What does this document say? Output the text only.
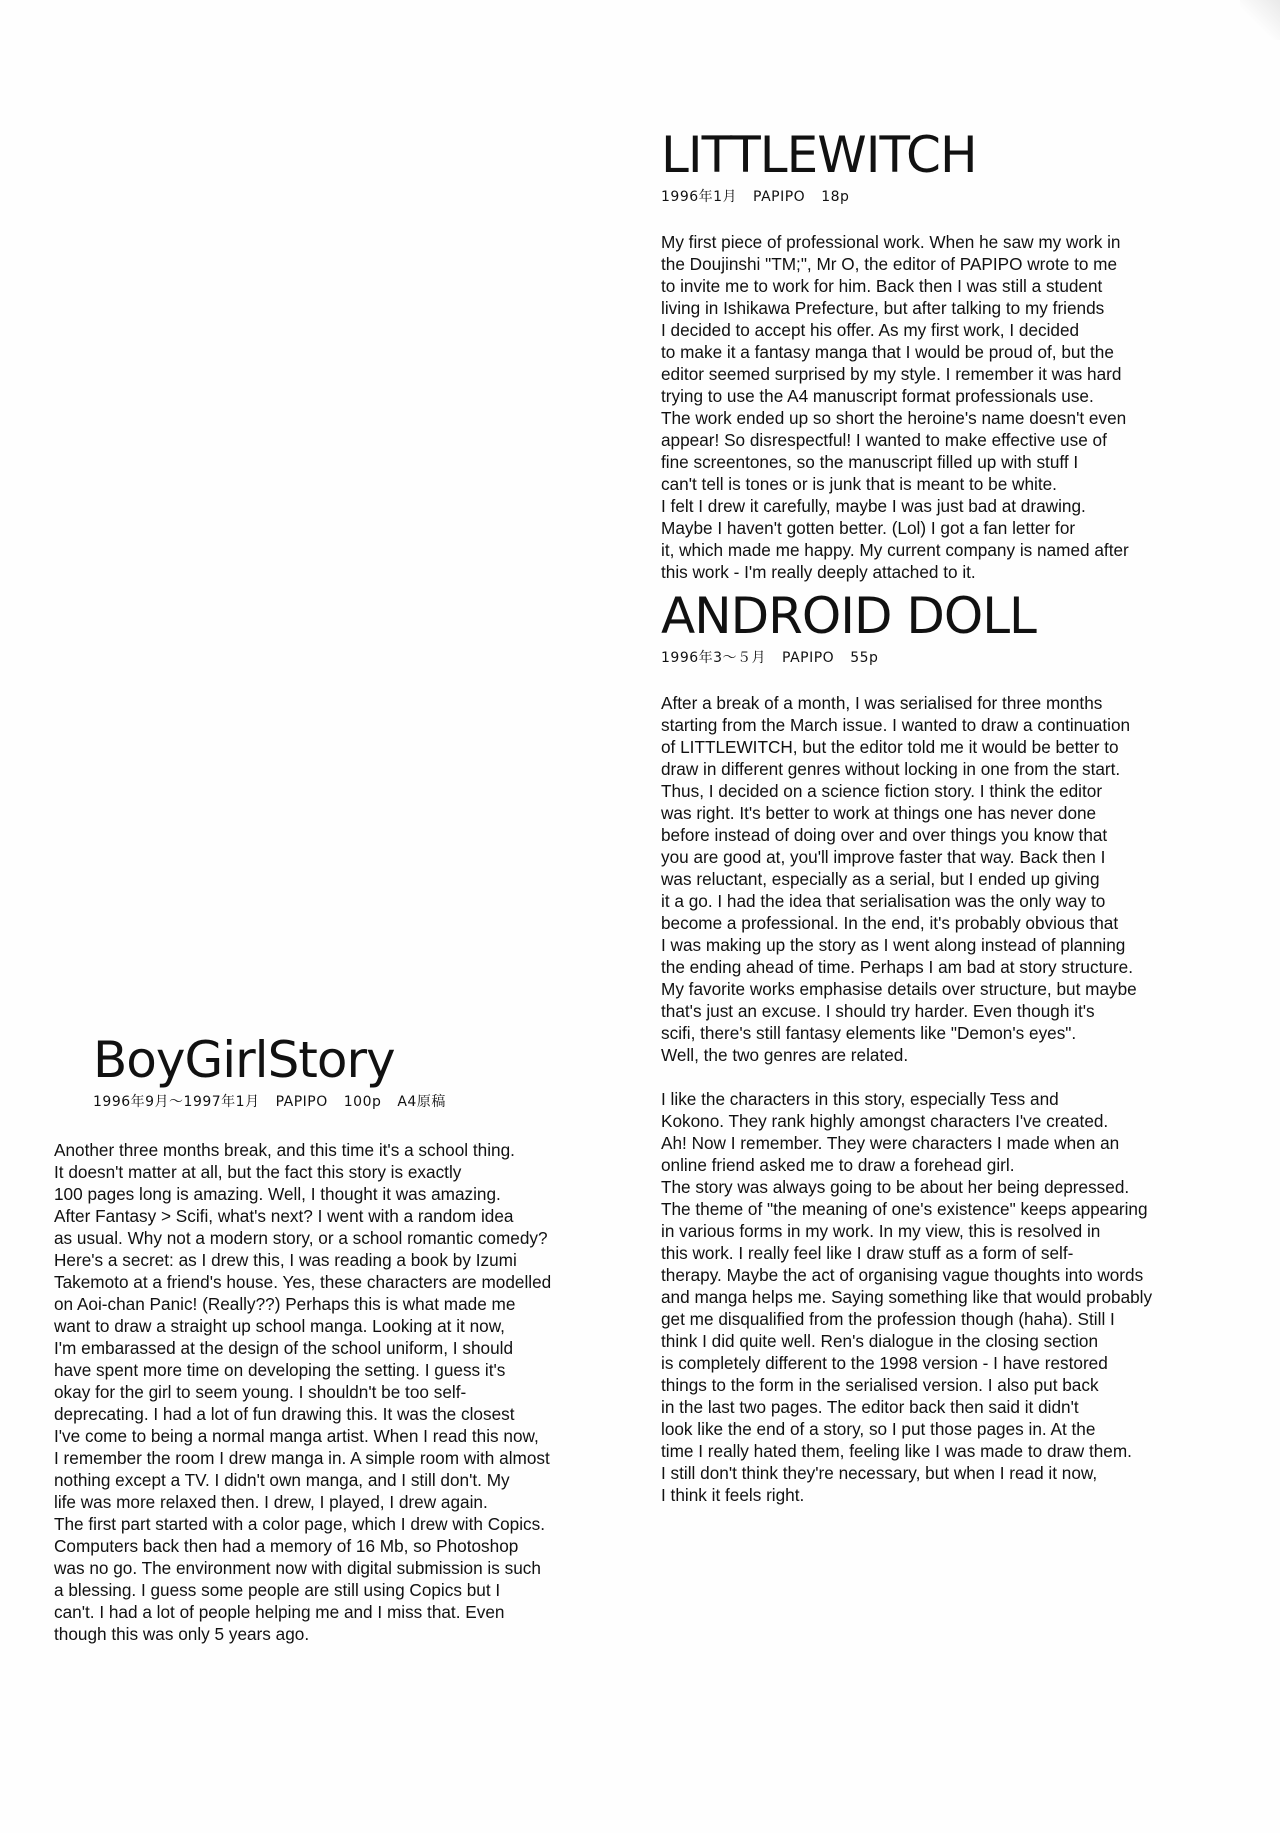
LITTLEWITCH
1996年1月 PAPIPO 18p

My first piece of professional work. When he saw my work in

the Doujinshi "TM;", Mr O, the editor of PAPIPO wrote to me

to invite me to work for him. Back then I was still a student

living in Ishikawa Prefecture, but after talking to my friends

I decided to accept his offer. As my first work, I decided

to make it a fantasy manga that I would be proud of, but the

editor seemed surprised by my style. I remember it was hard

trying to use the A4 manuscript format professionals use.

The work ended up so short the heroine's name doesn't even

appear! So disrespectful! I wanted to make effective use of

fine screentones, so the manuscript filled up with stuff I

can't tell is tones or is junk that is meant to be white.

I felt I drew it carefully, maybe I was just bad at drawing.

Maybe I haven't gotten better. (Lol) I got a fan letter for

it, which made me happy. My current company is named after

this work - I'm really deeply attached to it.

ANDROID DOLL
1996年3～５月 PAPIPO 55p

After a break of a month, I was serialised for three months

starting from the March issue. I wanted to draw a continuation

of LITTLEWITCH, but the editor told me it would be better to

draw in different genres without locking in one from the start.

Thus, I decided on a science fiction story. I think the editor

was right. It's better to work at things one has never done

before instead of doing over and over things you know that

you are good at, you'll improve faster that way. Back then I

was reluctant, especially as a serial, but I ended up giving

it a go. I had the idea that serialisation was the only way to

become a professional. In the end, it's probably obvious that

I was making up the story as I went along instead of planning

the ending ahead of time. Perhaps I am bad at story structure.

My favorite works emphasise details over structure, but maybe

that's just an excuse. I should try harder. Even though it's

scifi, there's still fantasy elements like "Demon's eyes".

Well, the two genres are related.

I like the characters in this story, especially Tess and

Kokono. They rank highly amongst characters I've created.

Ah! Now I remember. They were characters I made when an

online friend asked me to draw a forehead girl.

The story was always going to be about her being depressed.

The theme of "the meaning of one's existence" keeps appearing

in various forms in my work. In my view, this is resolved in

this work. I really feel like I draw stuff as a form of self-

therapy. Maybe the act of organising vague thoughts into words

and manga helps me. Saying something like that would probably

get me disqualified from the profession though (haha). Still I

think I did quite well. Ren's dialogue in the closing section

is completely different to the 1998 version - I have restored

things to the form in the serialised version. I also put back

in the last two pages. The editor back then said it didn't

look like the end of a story, so I put those pages in. At the

time I really hated them, feeling like I was made to draw them.

I still don't think they're necessary, but when I read it now,

I think it feels right.

BoyGirlStory
1996年9月～1997年1月 PAPIPO 100p A4原稿

Another three months break, and this time it's a school thing.

It doesn't matter at all, but the fact this story is exactly

100 pages long is amazing. Well, I thought it was amazing.

After Fantasy > Scifi, what's next? I went with a random idea

as usual. Why not a modern story, or a school romantic comedy?

Here's a secret: as I drew this, I was reading a book by Izumi

Takemoto at a friend's house. Yes, these characters are modelled

on Aoi-chan Panic! (Really??) Perhaps this is what made me

want to draw a straight up school manga. Looking at it now,

I'm embarassed at the design of the school uniform, I should

have spent more time on developing the setting. I guess it's

okay for the girl to seem young. I shouldn't be too self-

deprecating. I had a lot of fun drawing this. It was the closest

I've come to being a normal manga artist. When I read this now,

I remember the room I drew manga in. A simple room with almost

nothing except a TV. I didn't own manga, and I still don't. My

life was more relaxed then. I drew, I played, I drew again.

The first part started with a color page, which I drew with Copics.

Computers back then had a memory of 16 Mb, so Photoshop

was no go. The environment now with digital submission is such

a blessing. I guess some people are still using Copics but I

can't. I had a lot of people helping me and I miss that. Even

though this was only 5 years ago.
